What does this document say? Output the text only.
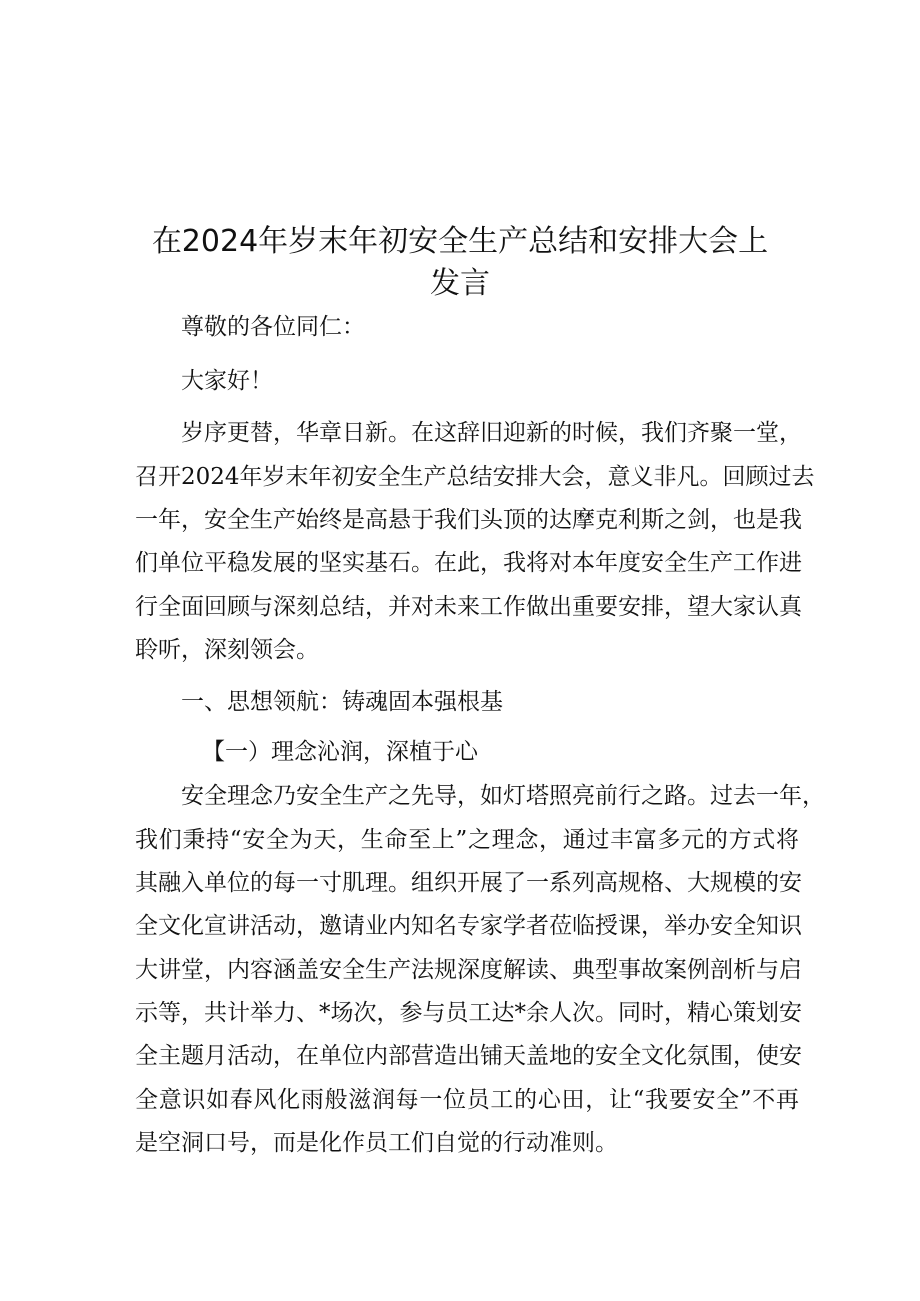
在2024年岁末年初安全生产总结和安排大会上
发言
尊敬的各位同仁：
大家好！
岁序更替，华章日新。在这辞旧迎新的时候，我们齐聚一堂，
召开2024年岁末年初安全生产总结安排大会，意义非凡。回顾过去
一年，安全生产始终是高悬于我们头顶的达摩克利斯之剑，也是我
们单位平稳发展的坚实基石。在此，我将对本年度安全生产工作进
行全面回顾与深刻总结，并对未来工作做出重要安排，望大家认真
聆听，深刻领会。
一、思想领航：铸魂固本强根基
【一）理念沁润，深植于心
安全理念乃安全生产之先导，如灯塔照亮前行之路。过去一年，
我们秉持“安全为天，生命至上”之理念，通过丰富多元的方式将
其融入单位的每一寸肌理。组织开展了一系列高规格、大规模的安
全文化宣讲活动，邀请业内知名专家学者莅临授课，举办安全知识
大讲堂，内容涵盖安全生产法规深度解读、典型事故案例剖析与启
示等，共计举力、*场次，参与员工达*余人次。同时，精心策划安
全主题月活动，在单位内部营造出铺天盖地的安全文化氛围，使安
全意识如春风化雨般滋润每一位员工的心田，让“我要安全”不再
是空洞口号，而是化作员工们自觉的行动准则。
